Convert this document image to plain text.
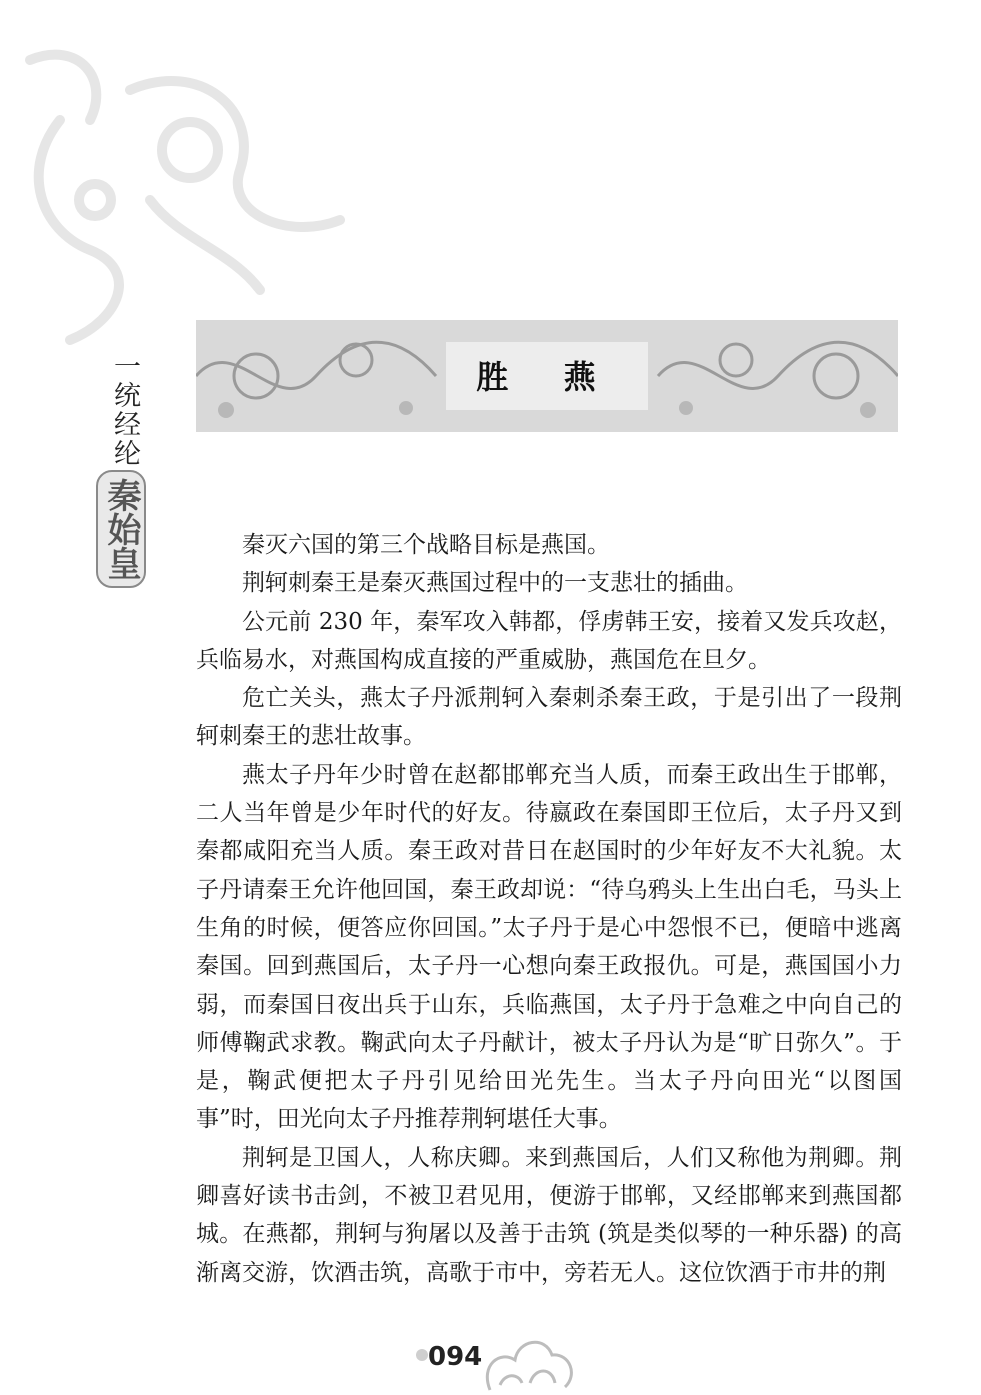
一统经纶
秦始皇
胜 燕

秦灭六国的第三个战略目标是燕国。

荆轲刺秦王是秦灭燕国过程中的一支悲壮的插曲。

公元前 230 年，秦军攻入韩都，俘虏韩王安，接着又发兵攻赵，兵临易水，对燕国构成直接的严重威胁，燕国危在旦夕。

危亡关头，燕太子丹派荆轲入秦刺杀秦王政，于是引出了一段荆轲刺秦王的悲壮故事。

燕太子丹年少时曾在赵都邯郸充当人质，而秦王政出生于邯郸，二人当年曾是少年时代的好友。待嬴政在秦国即王位后，太子丹又到秦都咸阳充当人质。秦王政对昔日在赵国时的少年好友不大礼貌。太子丹请秦王允许他回国，秦王政却说：“待乌鸦头上生出白毛，马头上生角的时候，便答应你回国。”太子丹于是心中怨恨不已，便暗中逃离秦国。回到燕国后，太子丹一心想向秦王政报仇。可是，燕国国小力弱，而秦国日夜出兵于山东，兵临燕国，太子丹于急难之中向自己的师傅鞠武求教。鞠武向太子丹献计，被太子丹认为是“旷日弥久”。于是，鞠武便把太子丹引见给田光先生。当太子丹向田光“以图国事”时，田光向太子丹推荐荆轲堪任大事。

荆轲是卫国人，人称庆卿。来到燕国后，人们又称他为荆卿。荆卿喜好读书击剑，不被卫君见用，便游于邯郸，又经邯郸来到燕国都城。在燕都，荆轲与狗屠以及善于击筑 (筑是类似琴的一种乐器) 的高渐离交游，饮酒击筑，高歌于市中，旁若无人。这位饮酒于市井的荆

094
